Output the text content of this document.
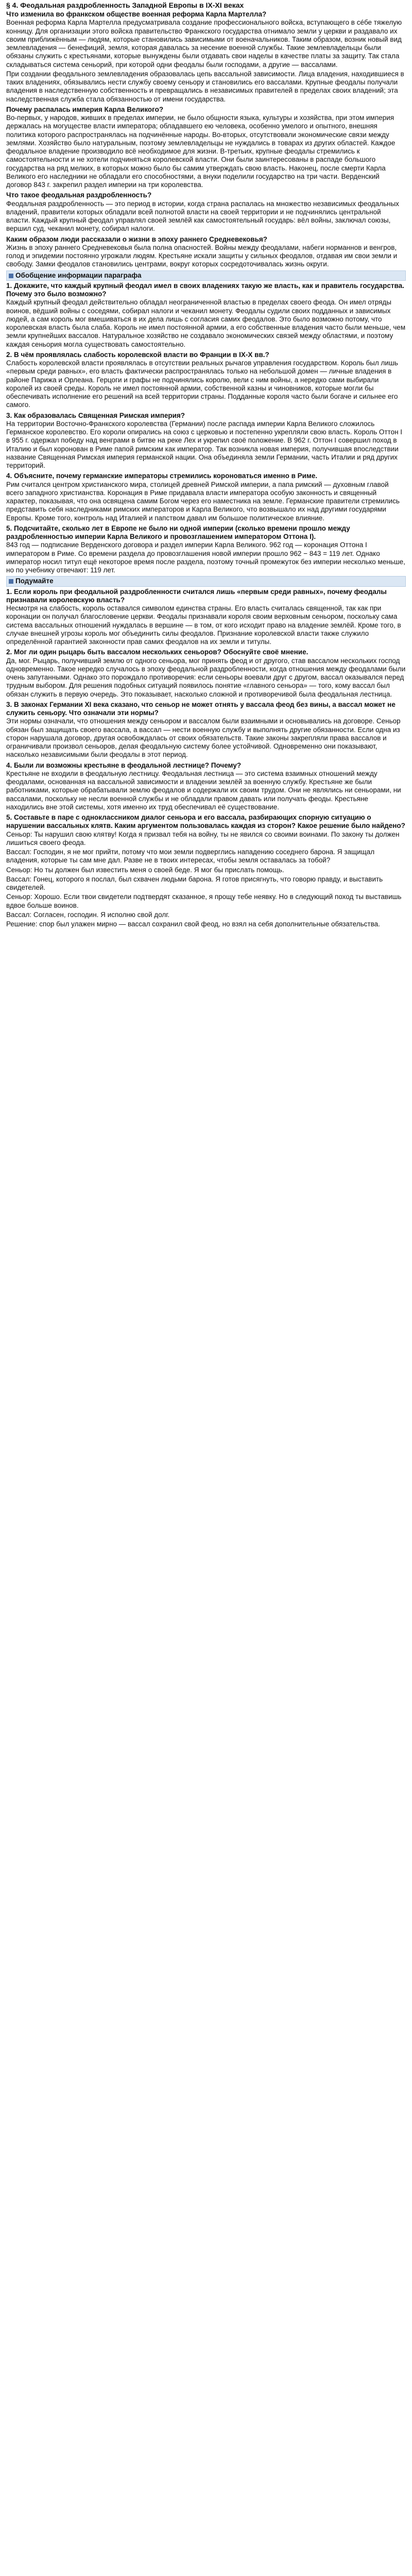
§ 4. Феодальная раздробленность Западной Европы в IX-XI веках
Что изменила во франкском обществе военная реформа Карла Мартелла?

Военная реформа Карла Мартелла предусматривала создание профессионального войска, вступающего в сéбе тяжелую конницу. Для организации этого войска правительство Франкского государства отнимало земли у церкви и раздавало их своим приближённым — людям, которые становились зависимыми от военачальников. Таким образом, возник новый вид землевладения — бенефиций, земля, которая давалась за несение военной службы. Такие землевладельцы были обязаны служить с крестьянами, которые вынуждены были отдавать свои наделы в качестве платы за защиту. Так стала складываться система сеньорий, при которой одни феодалы были господами, а другие — вассалами.

При создании феодального землевладения образовалась цепь вассальной зависимости. Лица владения, находившиеся в таких владениях, обязывались нести службу своему сеньору и становились его вассалами. Крупные феодалы получали владения в наследственную собственность и превращались в независимых правителей в пределах своих владений; эта наследственная служба стала обязанностью от имени государства.

Почему распалась империя Карла Великого?

Во-первых, у народов, живших в пределах империи, не было общности языка, культуры и хозяйства, при этом империя держалась на могуществе власти императора; обладавшего ею человека, особенно умелого и опытного, внешняя политика которого распространялась на подчинённые народы. Во-вторых, отсутствовали экономические связи между землями. Хозяйство было натуральным, поэтому землевладельцы не нуждались в товарах из других областей. Каждое феодальное владение производило всё необходимое для жизни. В-третьих, крупные феодалы стремились к самостоятельности и не хотели подчиняться королевской власти. Они были заинтересованы в распаде большого государства на ряд мелких, в которых можно было бы самим утверждать свою власть. Наконец, после смерти Карла Великого его наследники не обладали его способностями, а внуки поделили государство на три части. Верденский договор 843 г. закрепил раздел империи на три королевства.

Что такое феодальная раздробленность?

Феодальная раздробленность — это период в истории, когда страна распалась на множество независимых феодальных владений, правители которых обладали всей полнотой власти на своей территории и не подчинялись центральной власти. Каждый крупный феодал управлял своей землёй как самостоятельный государь: вёл войны, заключал союзы, вершил суд, чеканил монету, собирал налоги.

Каким образом люди рассказали о жизни в эпоху раннего Средневековья?

Жизнь в эпоху раннего Средневековья была полна опасностей. Войны между феодалами, набеги норманнов и венгров, голод и эпидемии постоянно угрожали людям. Крестьяне искали защиты у сильных феодалов, отдавая им свои земли и свободу. Замки феодалов становились центрами, вокруг которых сосредоточивалась жизнь округи.

Обобщение информации параграфа
1. Докажите, что каждый крупный феодал имел в своих владениях такую же власть, как и правитель государства. Почему это было возможно?

Каждый крупный феодал действительно обладал неограниченной властью в пределах своего феода. Он имел отряды воинов, вёдший войны с соседями, собирал налоги и чеканил монету. Феодалы судили своих подданных и зависимых людей, а сам король мог вмешиваться в их дела лишь с согласия самих феодалов. Это было возможно потому, что королевская власть была слаба. Король не имел постоянной армии, а его собственные владения часто были меньше, чем земли крупнейших вассалов. Натуральное хозяйство не создавало экономических связей между областями, и поэтому каждая сеньория могла существовать самостоятельно.

2. В чём проявлялась слабость королевской власти во Франции в IX-X вв.?

Слабость королевской власти проявлялась в отсутствии реальных рычагов управления государством. Король был лишь «первым среди равных», его власть фактически распространялась только на небольшой домен — личные владения в районе Парижа и Орлеана. Герцоги и графы не подчинялись королю, вели с ним войны, а нередко сами выбирали королей из своей среды. Король не имел постоянной армии, собственной казны и чиновников, которые могли бы обеспечивать исполнение его решений на всей территории страны. Подданные короля часто были богаче и сильнее его самого.

3. Как образовалась Священная Римская империя?

На территории Восточно-Франкского королевства (Германии) после распада империи Карла Великого сложилось Германское королевство. Его короли опирались на союз с церковью и постепенно укрепляли свою власть. Король Оттон I в 955 г. одержал победу над венграми в битве на реке Лех и укрепил своё положение. В 962 г. Оттон I совершил поход в Италию и был коронован в Риме папой римским как император. Так возникла новая империя, получившая впоследствии название Священная Римская империя германской нации. Она объединяла земли Германии, часть Италии и ряд других территорий.

4. Объясните, почему германские императоры стремились короноваться именно в Риме.

Рим считался центром христианского мира, столицей древней Римской империи, а папа римский — духовным главой всего западного христианства. Коронация в Риме придавала власти императора особую законность и священный характер, показывая, что она освящена самим Богом через его наместника на земле. Германские правители стремились представить себя наследниками римских императоров и Карла Великого, что возвышало их над другими государями Европы. Кроме того, контроль над Италией и папством давал им большое политическое влияние.

5. Подсчитайте, сколько лет в Европе не было ни одной империи (сколько времени прошло между раздробленностью империи Карла Великого и провозглашением императором Оттона I).

843 год — подписание Верденского договора и раздел империи Карла Великого. 962 год — коронация Оттона I императором в Риме. Со времени раздела до провозглашения новой империи прошло 962 − 843 = 119 лет. Однако император носил титул ещё некоторое время после раздела, поэтому точный промежуток без империи несколько меньше, но по учебнику отвечают: 119 лет.

Подумайте
1. Если король при феодальной раздробленности считался лишь «первым среди равных», почему феодалы признавали королевскую власть?

Несмотря на слабость, король оставался символом единства страны. Его власть считалась священной, так как при коронации он получал благословение церкви. Феодалы признавали короля своим верховным сеньором, поскольку сама система вассальных отношений нуждалась в вершине — в том, от кого исходит право на владение землёй. Кроме того, в случае внешней угрозы король мог объединить силы феодалов. Признание королевской власти также служило определённой гарантией законности прав самих феодалов на их земли и титулы.

2. Мог ли один рыцарь быть вассалом нескольких сеньоров? Обоснуйте своё мнение.

Да, мог. Рыцарь, получивший землю от одного сеньора, мог принять феод и от другого, став вассалом нескольких господ одновременно. Такое нередко случалось в эпоху феодальной раздробленности, когда отношения между феодалами были очень запутанными. Однако это порождало противоречия: если сеньоры воевали друг с другом, вассал оказывался перед трудным выбором. Для решения подобных ситуаций появилось понятие «главного сеньора» — того, кому вассал был обязан служить в первую очередь. Это показывает, насколько сложной и противоречивой была феодальная лестница.

3. В законах Германии XI века сказано, что сеньор не может отнять у вассала феод без вины, а вассал может не служить сеньору. Что означали эти нормы?

Эти нормы означали, что отношения между сеньором и вассалом были взаимными и основывались на договоре. Сеньор обязан был защищать своего вассала, а вассал — нести военную службу и выполнять другие обязанности. Если одна из сторон нарушала договор, другая освобождалась от своих обязательств. Такие законы закрепляли права вассалов и ограничивали произвол сеньоров, делая феодальную систему более устойчивой. Одновременно они показывают, насколько независимыми были феодалы в этот период.

4. Были ли возможны крестьяне в феодальной лестнице? Почему?

Крестьяне не входили в феодальную лестницу. Феодальная лестница — это система взаимных отношений между феодалами, основанная на вассальной зависимости и владении землёй за военную службу. Крестьяне же были работниками, которые обрабатывали землю феодалов и содержали их своим трудом. Они не являлись ни сеньорами, ни вассалами, поскольку не несли военной службы и не обладали правом давать или получать феоды. Крестьяне находились вне этой системы, хотя именно их труд обеспечивал её существование.

5. Составьте в паре с одноклассником диалог сеньора и его вассала, разбирающих спорную ситуацию о нарушении вассальных клятв. Каким аргументом пользовалась каждая из сторон? Какое решение было найдено?

Сеньор: Ты нарушил свою клятву! Когда я призвал тебя на войну, ты не явился со своими воинами. По закону ты должен лишиться своего феода.

Вассал: Господин, я не мог прийти, потому что мои земли подверглись нападению соседнего барона. Я защищал владения, которые ты сам мне дал. Разве не в твоих интересах, чтобы земля оставалась за тобой?

Сеньор: Но ты должен был известить меня о своей беде. Я мог бы прислать помощь.

Вассал: Гонец, которого я послал, был схвачен людьми барона. Я готов присягнуть, что говорю правду, и выставить свидетелей.

Сеньор: Хорошо. Если твои свидетели подтвердят сказанное, я прощу тебе неявку. Но в следующий поход ты выставишь вдвое больше воинов.

Вассал: Согласен, господин. Я исполню свой долг.

Решение: спор был улажен мирно — вассал сохранил свой феод, но взял на себя дополнительные обязательства.
